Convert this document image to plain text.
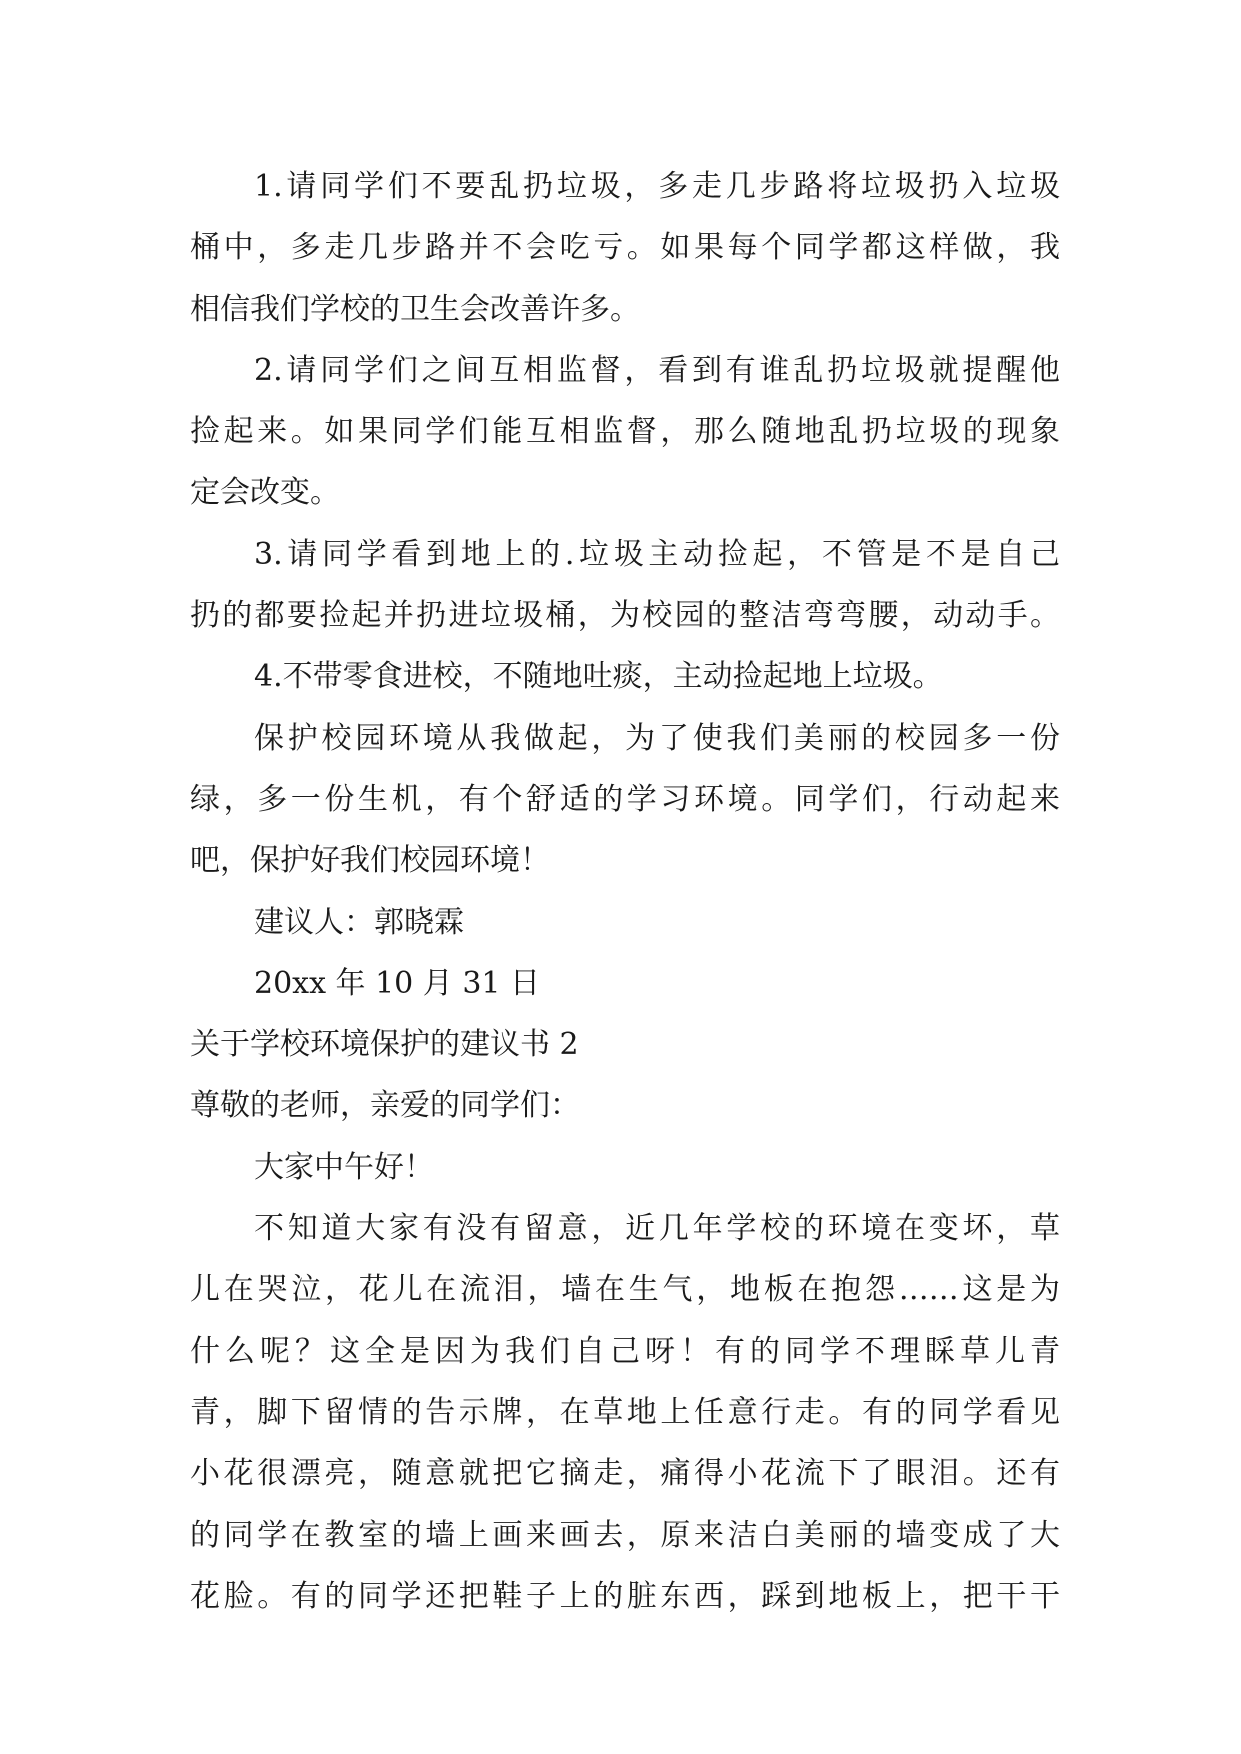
1.请同学们不要乱扔垃圾，多走几步路将垃圾扔入垃圾
桶中，多走几步路并不会吃亏。如果每个同学都这样做，我
相信我们学校的卫生会改善许多。
2.请同学们之间互相监督，看到有谁乱扔垃圾就提醒他
捡起来。如果同学们能互相监督，那么随地乱扔垃圾的现象
定会改变。
3.请同学看到地上的.垃圾主动捡起，不管是不是自己
扔的都要捡起并扔进垃圾桶，为校园的整洁弯弯腰，动动手。
4.不带零食进校，不随地吐痰，主动捡起地上垃圾。
保护校园环境从我做起，为了使我们美丽的校园多一份
绿，多一份生机，有个舒适的学习环境。同学们，行动起来
吧，保护好我们校园环境！
建议人：郭晓霖
20xx 年 10 月 31 日
关于学校环境保护的建议书 2
尊敬的老师，亲爱的同学们：
大家中午好！
不知道大家有没有留意，近几年学校的环境在变坏，草
儿在哭泣，花儿在流泪，墙在生气，地板在抱怨……这是为
什么呢？这全是因为我们自己呀！有的同学不理睬草儿青
青，脚下留情的告示牌，在草地上任意行走。有的同学看见
小花很漂亮，随意就把它摘走，痛得小花流下了眼泪。还有
的同学在教室的墙上画来画去，原来洁白美丽的墙变成了大
花脸。有的同学还把鞋子上的脏东西，踩到地板上，把干干
